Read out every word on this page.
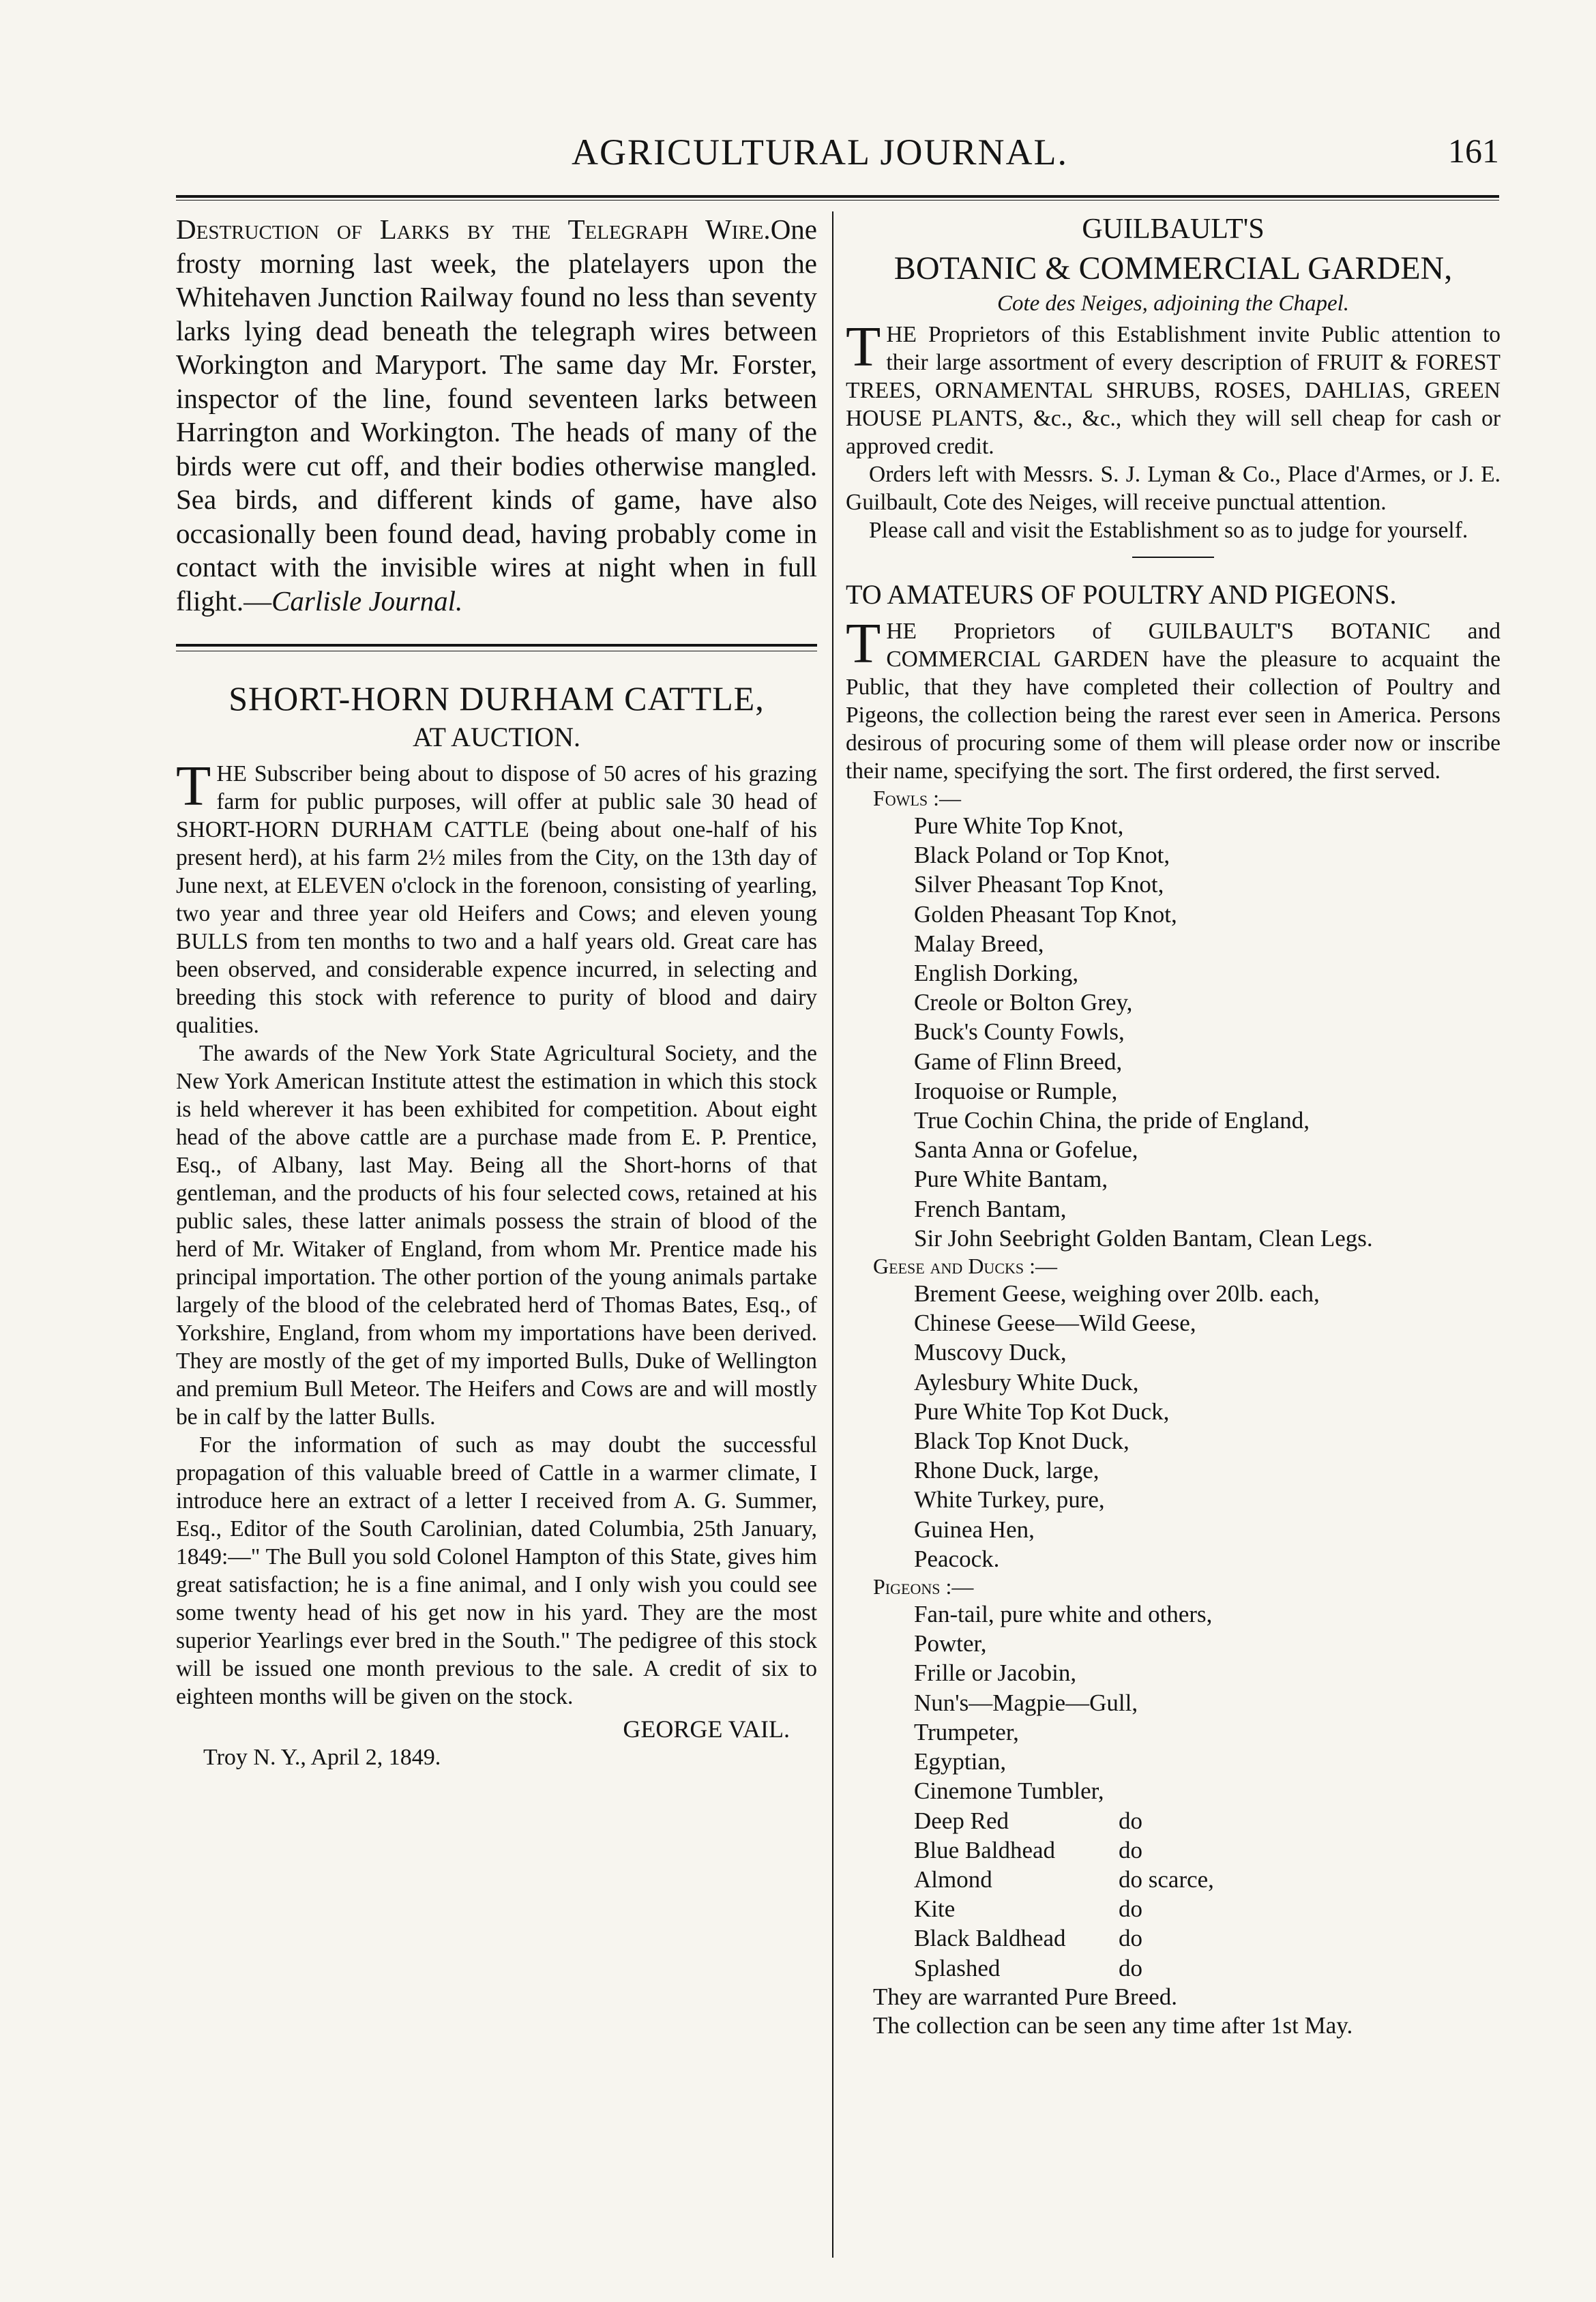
AGRICULTURAL JOURNAL.	161

Destruction of Larks by the Telegraph Wire.One frosty morning last week, the platelayers upon the Whitehaven Junction Railway found no less than seventy larks lying dead beneath the telegraph wires between Workington and Maryport. The same day Mr. Forster, inspector of the line, found seventeen larks between Harrington and Workington. The heads of many of the birds were cut off, and their bodies otherwise mangled. Sea birds, and different kinds of game, have also occasionally been found dead, having probably come in contact with the invisible wires at night when in full flight.—Carlisle Journal.

SHORT-HORN DURHAM CATTLE,
AT AUCTION.

THE Subscriber being about to dispose of 50 acres of his grazing farm for public purposes, will offer at public sale 30 head of SHORT-HORN DURHAM CATTLE (being about one-half of his present herd), at his farm 2½ miles from the City, on the 13th day of June next, at ELEVEN o'clock in the forenoon, consisting of yearling, two year and three year old Heifers and Cows; and eleven young BULLS from ten months to two and a half years old. Great care has been observed, and considerable expence incurred, in selecting and breeding this stock with reference to purity of blood and dairy qualities.

The awards of the New York State Agricultural Society, and the New York American Institute attest the estimation in which this stock is held wherever it has been exhibited for competition. About eight head of the above cattle are a purchase made from E. P. Prentice, Esq., of Albany, last May. Being all the Short-horns of that gentleman, and the products of his four selected cows, retained at his public sales, these latter animals possess the strain of blood of the herd of Mr. Witaker of England, from whom Mr. Prentice made his principal importation. The other portion of the young animals partake largely of the blood of the celebrated herd of Thomas Bates, Esq., of Yorkshire, England, from whom my importations have been derived. They are mostly of the get of my imported Bulls, Duke of Wellington and premium Bull Meteor. The Heifers and Cows are and will mostly be in calf by the latter Bulls.

For the information of such as may doubt the successful propagation of this valuable breed of Cattle in a warmer climate, I introduce here an extract of a letter I received from A. G. Summer, Esq., Editor of the South Carolinian, dated Columbia, 25th January, 1849:—" The Bull you sold Colonel Hampton of this State, gives him great satisfaction; he is a fine animal, and I only wish you could see some twenty head of his get now in his yard. They are the most superior Yearlings ever bred in the South." The pedigree of this stock will be issued one month previous to the sale. A credit of six to eighteen months will be given on the stock.

GEORGE VAIL.
Troy N. Y., April 2, 1849.
GUILBAULT'S
BOTANIC & COMMERCIAL GARDEN,
Cote des Neiges, adjoining the Chapel.

THE Proprietors of this Establishment invite Public attention to their large assortment of every description of FRUIT & FOREST TREES, ORNAMENTAL SHRUBS, ROSES, DAHLIAS, GREEN HOUSE PLANTS, &c., &c., which they will sell cheap for cash or approved credit.

Orders left with Messrs. S. J. Lyman & Co., Place d'Armes, or J. E. Guilbault, Cote des Neiges, will receive punctual attention.

Please call and visit the Establishment so as to judge for yourself.

TO AMATEURS OF POULTRY AND PIGEONS.

THE Proprietors of GUILBAULT'S BOTANIC and COMMERCIAL GARDEN have the pleasure to acquaint the Public, that they have completed their collection of Poultry and Pigeons, the collection being the rarest ever seen in America. Persons desirous of procuring some of them will please order now or inscribe their name, specifying the sort. The first ordered, the first served.

Fowls :—
Pure White Top Knot,
Black Poland or Top Knot,
Silver Pheasant Top Knot,
Golden Pheasant Top Knot,
Malay Breed,
English Dorking,
Creole or Bolton Grey,
Buck's County Fowls,
Game of Flinn Breed,
Iroquoise or Rumple,
True Cochin China, the pride of England,
Santa Anna or Gofelue,
Pure White Bantam,
French Bantam,
Sir John Seebright Golden Bantam, Clean Legs.
Geese and Ducks :—
Brement Geese, weighing over 20lb. each,
Chinese Geese—Wild Geese,
Muscovy Duck,
Aylesbury White Duck,
Pure White Top Kot Duck,
Black Top Knot Duck,
Rhone Duck, large,
White Turkey, pure,
Guinea Hen,
Peacock.
Pigeons :—
Fan-tail, pure white and others,
Powter,
Frille or Jacobin,
Nun's—Magpie—Gull,
Trumpeter,
Egyptian,
Cinemone Tumbler,
Deep Red	do
Blue Baldhead	do
Almond	do scarce,
Kite	do
Black Baldhead do
Splashed	do
They are warranted Pure Breed.
The collection can be seen any time after 1st May.
